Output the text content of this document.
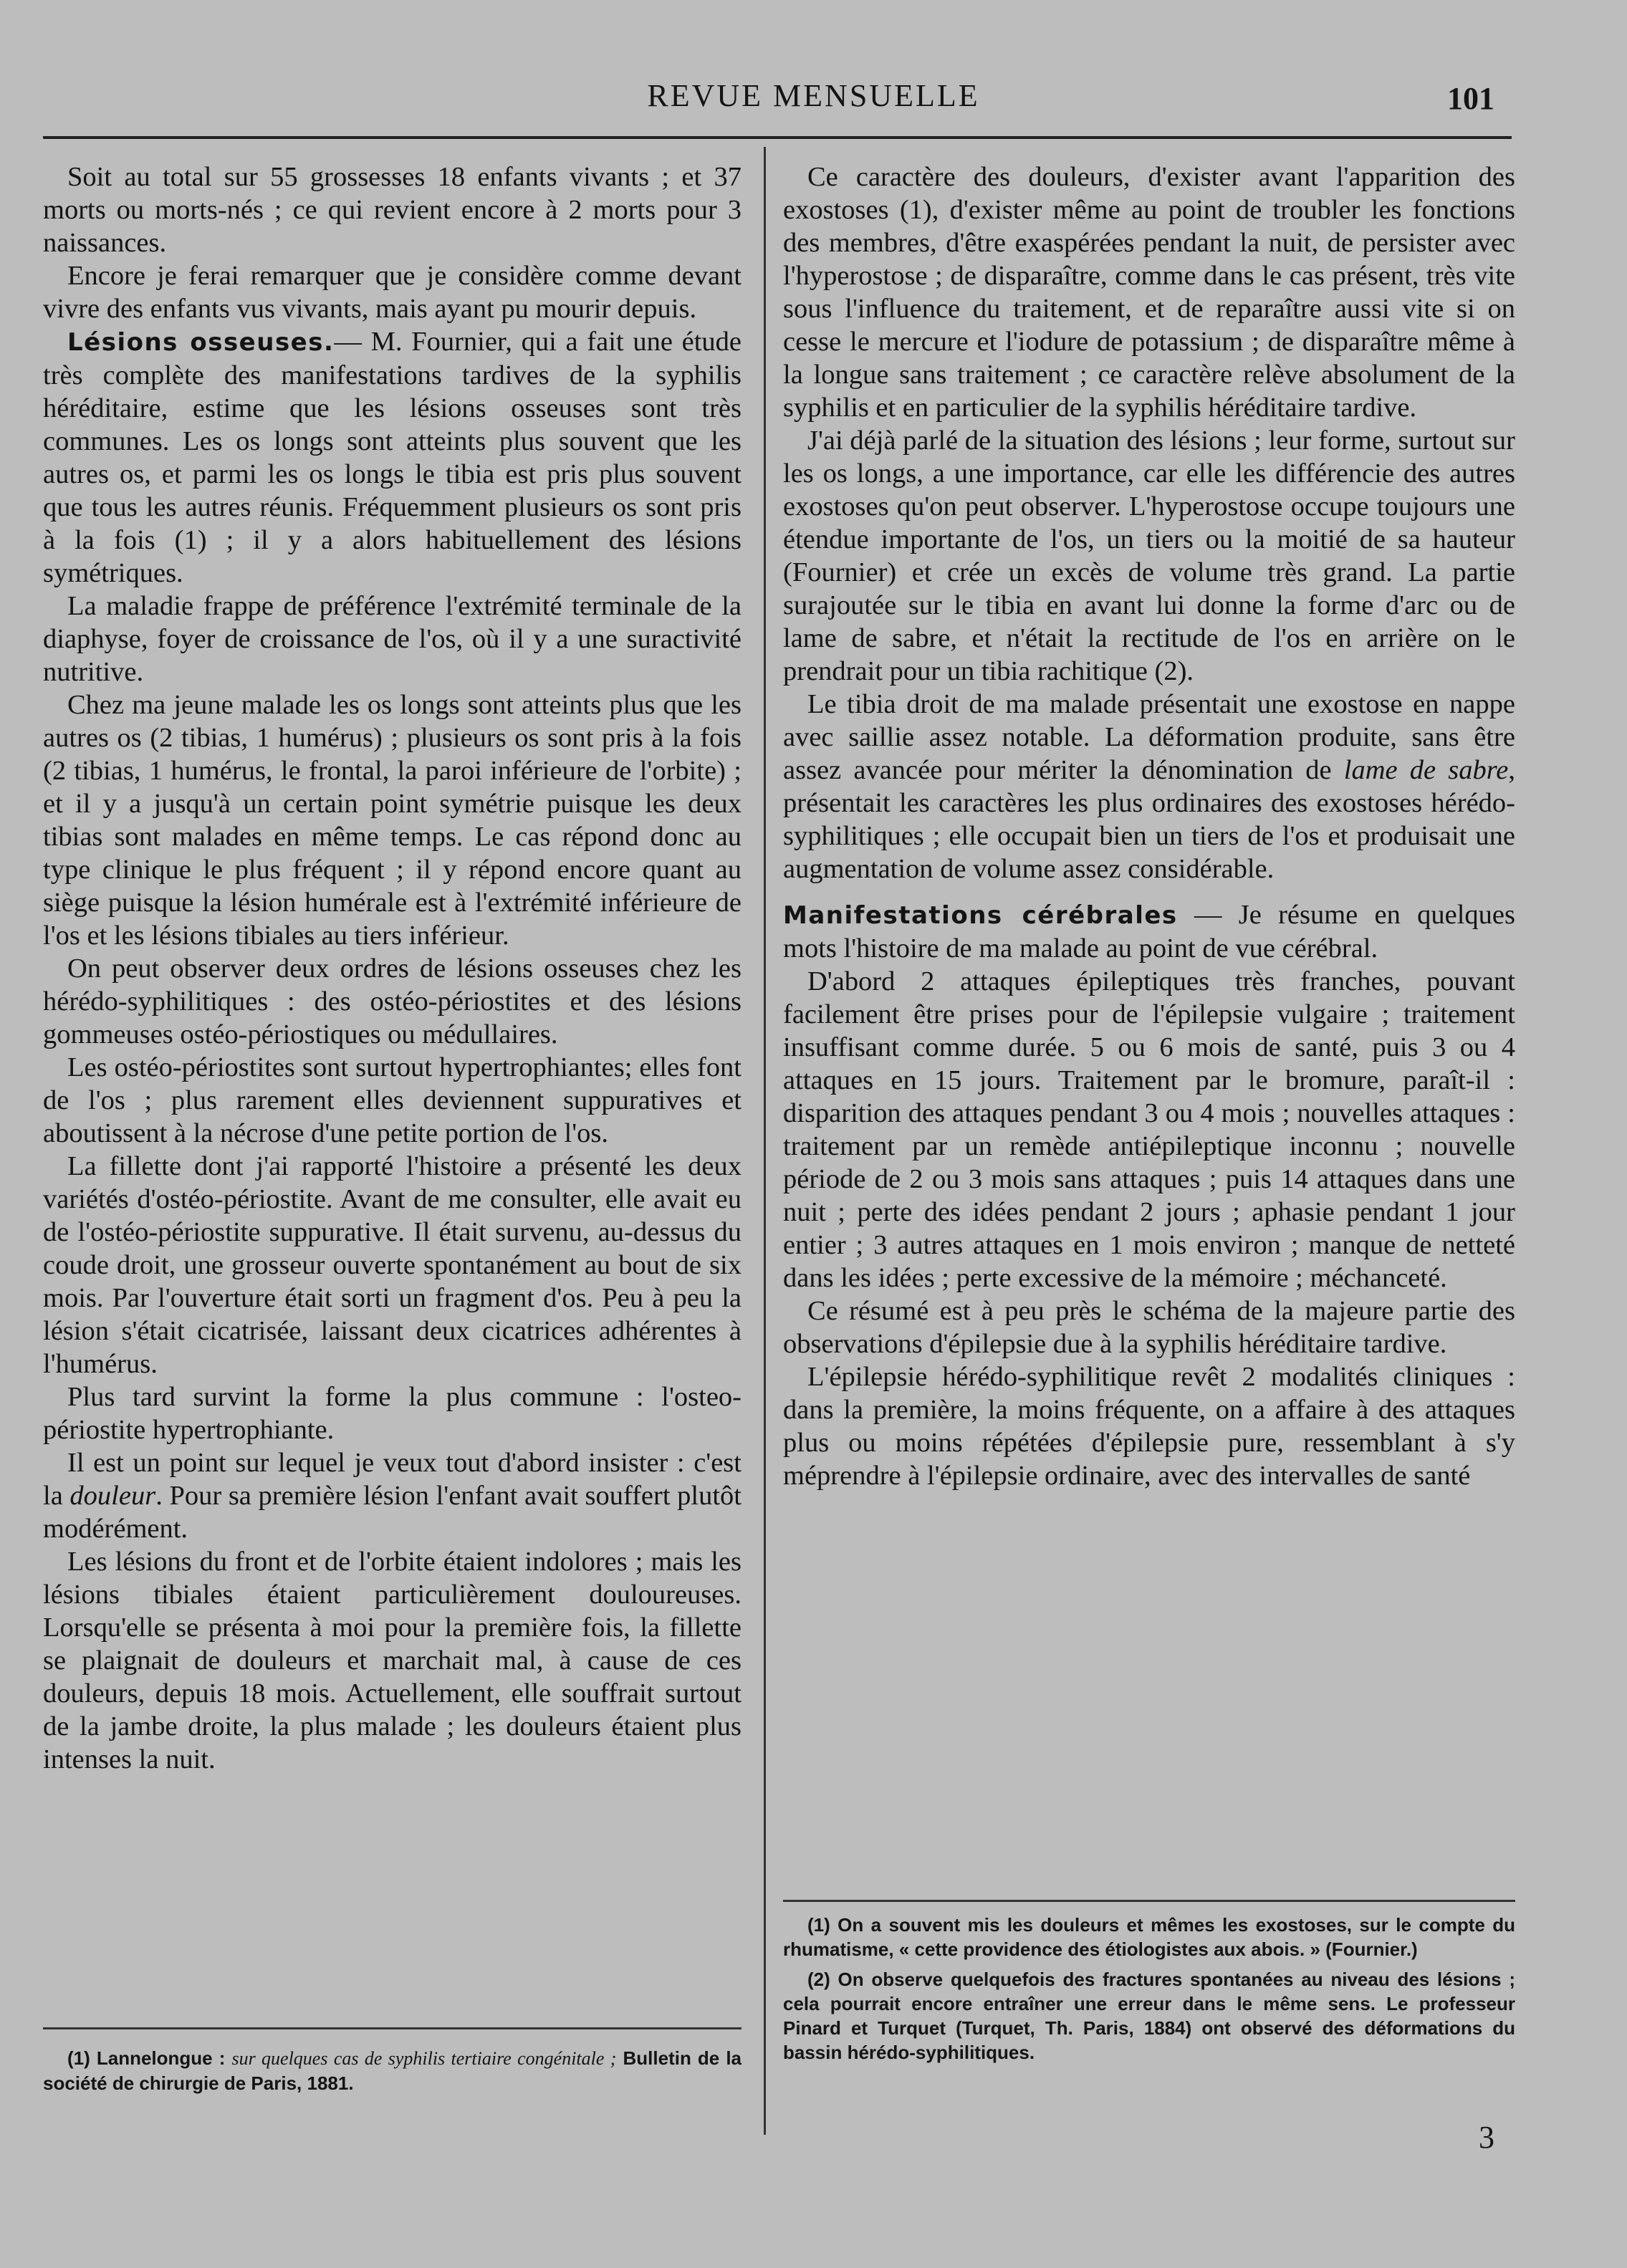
REVUE MENSUELLE	101

Soit au total sur 55 grossesses 18 enfants vivants ; et 37 morts ou morts-nés ; ce qui revient encore à 2 morts pour 3 naissances.

Encore je ferai remarquer que je considère comme devant vivre des enfants vus vivants, mais ayant pu mourir depuis.

Lésions osseuses.— M. Fournier, qui a fait une étude très complète des manifestations tardives de la syphilis héréditaire, estime que les lésions osseuses sont très communes. Les os longs sont atteints plus souvent que les autres os, et parmi les os longs le tibia est pris plus souvent que tous les autres réunis. Fréquemment plusieurs os sont pris à la fois (1) ; il y a alors habituellement des lésions symétriques.

La maladie frappe de préférence l'extrémité terminale de la diaphyse, foyer de croissance de l'os, où il y a une suractivité nutritive.

Chez ma jeune malade les os longs sont atteints plus que les autres os (2 tibias, 1 humérus) ; plusieurs os sont pris à la fois (2 tibias, 1 humérus, le frontal, la paroi inférieure de l'orbite) ; et il y a jusqu'à un certain point symétrie puisque les deux tibias sont malades en même temps. Le cas répond donc au type clinique le plus fréquent ; il y répond encore quant au siège puisque la lésion humérale est à l'extrémité inférieure de l'os et les lésions tibiales au tiers inférieur.

On peut observer deux ordres de lésions osseuses chez les hérédo-syphilitiques : des ostéo-périostites et des lésions gommeuses ostéo-périostiques ou médullaires.

Les ostéo-périostites sont surtout hypertrophiantes; elles font de l'os ; plus rarement elles deviennent suppuratives et aboutissent à la nécrose d'une petite portion de l'os.

La fillette dont j'ai rapporté l'histoire a présenté les deux variétés d'ostéo-périostite. Avant de me consulter, elle avait eu de l'ostéo-périostite suppurative. Il était survenu, au-dessus du coude droit, une grosseur ouverte spontanément au bout de six mois. Par l'ouverture était sorti un fragment d'os. Peu à peu la lésion s'était cicatrisée, laissant deux cicatrices adhérentes à l'humérus.

Plus tard survint la forme la plus commune : l'osteo-périostite hypertrophiante.

Il est un point sur lequel je veux tout d'abord insister : c'est la douleur. Pour sa première lésion l'enfant avait souffert plutôt modérément.

Les lésions du front et de l'orbite étaient indolores ; mais les lésions tibiales étaient particulièrement douloureuses. Lorsqu'elle se présenta à moi pour la première fois, la fillette se plaignait de douleurs et marchait mal, à cause de ces douleurs, depuis 18 mois. Actuellement, elle souffrait surtout de la jambe droite, la plus malade ; les douleurs étaient plus intenses la nuit.

Ce caractère des douleurs, d'exister avant l'apparition des exostoses (1), d'exister même au point de troubler les fonctions des membres, d'être exaspérées pendant la nuit, de persister avec l'hyperostose ; de disparaître, comme dans le cas présent, très vite sous l'influence du traitement, et de reparaître aussi vite si on cesse le mercure et l'iodure de potassium ; de disparaître même à la longue sans traitement ; ce caractère relève absolument de la syphilis et en particulier de la syphilis héréditaire tardive.

J'ai déjà parlé de la situation des lésions ; leur forme, surtout sur les os longs, a une importance, car elle les différencie des autres exostoses qu'on peut observer. L'hyperostose occupe toujours une étendue importante de l'os, un tiers ou la moitié de sa hauteur (Fournier) et crée un excès de volume très grand. La partie surajoutée sur le tibia en avant lui donne la forme d'arc ou de lame de sabre, et n'était la rectitude de l'os en arrière on le prendrait pour un tibia rachitique (2).

Le tibia droit de ma malade présentait une exostose en nappe avec saillie assez notable. La déformation produite, sans être assez avancée pour mériter la dénomination de lame de sabre, présentait les caractères les plus ordinaires des exostoses hérédo-syphilitiques ; elle occupait bien un tiers de l'os et produisait une augmentation de volume assez considérable.

Manifestations cérébrales — Je résume en quelques mots l'histoire de ma malade au point de vue cérébral.

D'abord 2 attaques épileptiques très franches, pouvant facilement être prises pour de l'épilepsie vulgaire ; traitement insuffisant comme durée. 5 ou 6 mois de santé, puis 3 ou 4 attaques en 15 jours. Traitement par le bromure, paraît-il : disparition des attaques pendant 3 ou 4 mois ; nouvelles attaques : traitement par un remède antiépileptique inconnu ; nouvelle période de 2 ou 3 mois sans attaques ; puis 14 attaques dans une nuit ; perte des idées pendant 2 jours ; aphasie pendant 1 jour entier ; 3 autres attaques en 1 mois environ ; manque de netteté dans les idées ; perte excessive de la mémoire ; méchanceté.

Ce résumé est à peu près le schéma de la majeure partie des observations d'épilepsie due à la syphilis héréditaire tardive.

L'épilepsie hérédo-syphilitique revêt 2 modalités cliniques : dans la première, la moins fréquente, on a affaire à des attaques plus ou moins répétées d'épilepsie pure, ressemblant à s'y méprendre à l'épilepsie ordinaire, avec des intervalles de santé

(1) Lannelongue : sur quelques cas de syphilis tertiaire congénitale ; Bulletin de la société de chirurgie de Paris, 1881.

(1) On a souvent mis les douleurs et mêmes les exostoses, sur le compte du rhumatisme, « cette providence des étiologistes aux abois. » (Fournier.)

(2) On observe quelquefois des fractures spontanées au niveau des lésions ; cela pourrait encore entraîner une erreur dans le même sens. Le professeur Pinard et Turquet (Turquet, Th. Paris, 1884) ont observé des déformations du bassin hérédo-syphilitiques.

3
